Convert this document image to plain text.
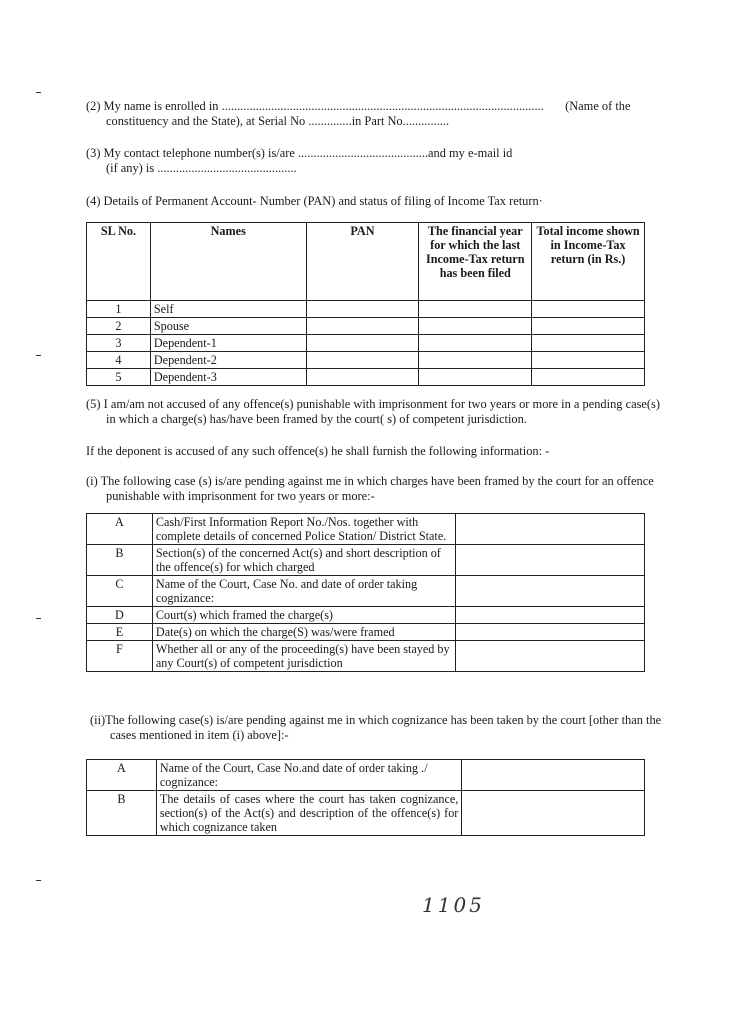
(2) My name is enrolled in ........................................................................................................ (Name of the
constituency and the State), at Serial No ..............in Part No...............
(3) My contact telephone number(s) is/are ..........................................and my e-mail id
(if any) is .............................................
(4) Details of Permanent Account- Number (PAN) and status of filing of Income Tax return·
SL No.	Names	PAN	The financial year for which the last Income-Tax return has been filed	Total income shown in Income-Tax return (in Rs.)
1	Self			
2	Spouse			
3	Dependent-1			
4	Dependent-2			
5	Dependent-3			
(5) I am/am not accused of any offence(s) punishable with imprisonment for two years or more in a pending case(s) in which a charge(s) has/have been framed by the court( s) of competent jurisdiction.
If the deponent is accused of any such offence(s) he shall furnish the following information: -
(i) The following case (s) is/are pending against me in which charges have been framed by the court for an offence punishable with imprisonment for two years or more:-
A	Cash/First Information Report No./Nos. together with complete details of concerned Police Station/ District State.	
B	Section(s) of the concerned Act(s) and short description of the offence(s) for which charged	
C	Name of the Court, Case No. and date of order taking cognizance:	
D	Court(s) which framed the charge(s)	
E	Date(s) on which the charge(S) was/were framed	
F	Whether all or any of the proceeding(s) have been stayed by any Court(s) of competent jurisdiction	
(ii)The following case(s) is/are pending against me in which cognizance has been taken by the court [other than the cases mentioned in item (i) above]:-
A	Name of the Court, Case No.and date of order taking ./ cognizance:	
B	The details of cases where the court has taken cognizance, section(s) of the Act(s) and description of the offence(s) for which cognizance taken	
1105
